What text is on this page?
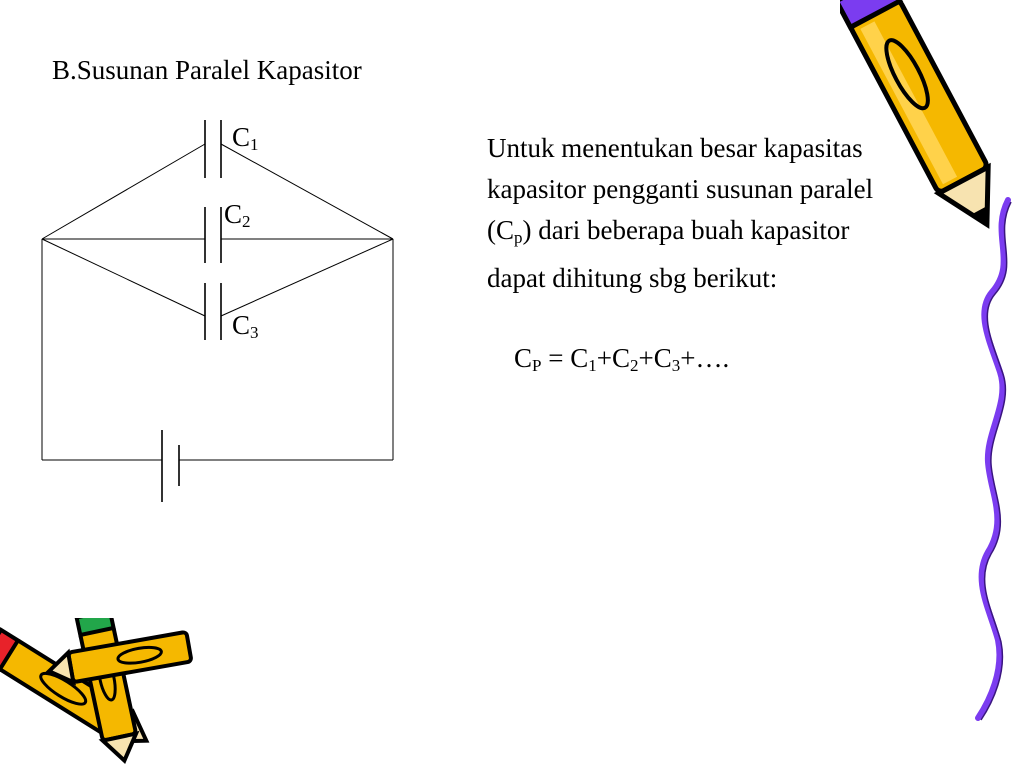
B.Susunan Paralel Kapasitor
$C_1$
$C_2$
$C_3$

Untuk menentukan besar kapasitas

kapasitor pengganti susunan paralel

$(C_p)$ dari beberapa buah kapasitor

dapat dihitung sbg berikut:

$C_P$ = $C_1+C_2+C_3+\dots$.
